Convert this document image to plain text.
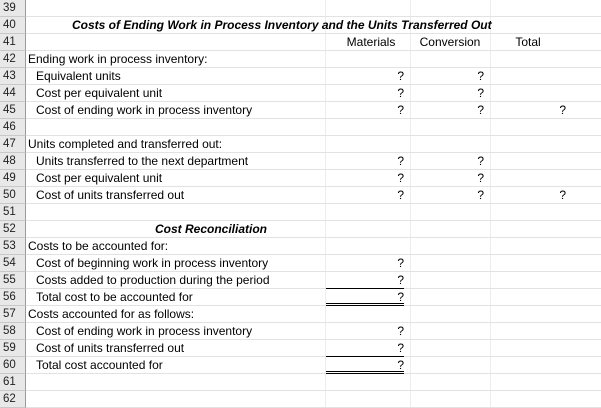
39
40	Costs of Ending Work in Process Inventory and the Units Transferred Out
41	Materials	Conversion	Total
42	Ending work in process inventory:
43	Equivalent units	?	?
44	Cost per equivalent unit	?	?
45	Cost of ending work in process inventory	?	?	?
46
47	Units completed and transferred out:
48	Units transferred to the next department	?	?
49	Cost per equivalent unit	?	?
50	Cost of units transferred out	?	?	?
51
52	Cost Reconciliation
53	Costs to be accounted for:
54	Cost of beginning work in process inventory	?
55	Costs added to production during the period	?
56	Total cost to be accounted for	?
57	Costs accounted for as follows:
58	Cost of ending work in process inventory	?
59	Cost of units transferred out	?
60	Total cost accounted for	?
61
62
